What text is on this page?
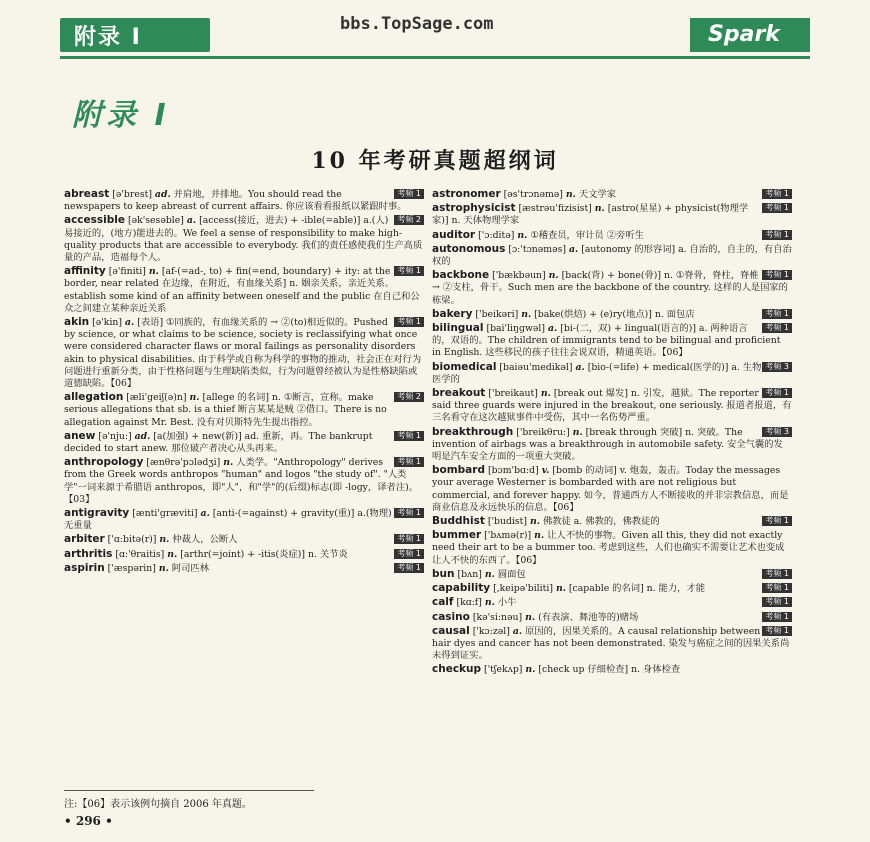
附录 I
bbs.TopSage.com	Spark
附录 I
10 年考研真题超纲词
考频 1
abreast [ə'brest] ad. 并肩地，并排地。You should read the newspapers to keep abreast of current affairs. 你应该看看报纸以紧跟时事。
考频 2
accessible [ək'sesəble] a. [access(接近，进去) + -ible(=able)] a.(人)易接近的，(地方)能进去的。We feel a sense of responsibility to make high-quality products that are accessible to everybody. 我们的责任感使我们生产高质量的产品，造福每个人。
考频 1
affinity [ə'finiti] n. [af-(=ad-, to) + fin(=end, boundary) + ity: at the border, near related 在边缘，在附近，有血缘关系] n. 姻亲关系，亲近关系。establish some kind of an affinity between oneself and the public 在自己和公众之间建立某种亲近关系
考频 1
akin [ə'kin] a. [表语] ①同族的，有血缘关系的 → ②(to)相近似的。Pushed by science, or what claims to be science, society is reclassifying what once were considered character flaws or moral failings as personality disorders akin to physical disabilities. 由于科学或自称为科学的事物的推动，社会正在对行为问题进行重新分类，由于性格问题与生理缺陷类似，行为问题曾经被认为是性格缺陷或道德缺陷。【06】
考频 2
allegation [æli'geiʃ(ə)n] n. [allege 的名词] n. ①断言，宣称。make serious allegations that sb. is a thief 断言某某是贼 ②借口。There is no allegation against Mr. Best. 没有对贝斯特先生提出指控。
考频 1
anew [ə'nju:] ad. [a(加强) + new(新)] ad. 重新，再。The bankrupt decided to start anew. 那位破产者决心从头再来。
考频 1
anthropology [ænθrə'pɔlədʒi] n. 人类学。"Anthropology" derives from the Greek words anthropos "human" and logos "the study of". "人类学"一词来源于希腊语 anthropos，即"人"，和"学"的(后缀)标志(即 -logy，译者注)。【03】
考频 1
antigravity [ænti'græviti] a. [anti-(=against) + gravity(重)] a.(物理)无重量
考频 1
arbiter ['ɑ:bitə(r)] n. 仲裁人，公断人
考频 1
arthritis [ɑ:'θraitis] n. [arthr(=joint) + -itis(炎症)] n. 关节炎
考频 1
aspirin ['æspərin] n. 阿司匹林
考频 1
astronomer [əs'trɔnəmə] n. 天文学家
考频 1
astrophysicist [æstrəu'fizisist] n. [astro(星星) + physicist(物理学家)] n. 天体物理学家
考频 1
auditor ['ɔ:ditə] n. ①稽查员，审计员 ②旁听生
autonomous [ɔ:'tɔnəməs] a. [autonomy 的形容词] a. 自治的，自主的，有自治权的
考频 1
backbone ['bækbəun] n. [back(背) + bone(骨)] n. ①脊骨，脊柱，脊椎 → ②支柱，骨干。Such men are the backbone of the country. 这样的人是国家的栋梁。
考频 1
bakery ['beikəri] n. [bake(烘焙) + (e)ry(地点)] n. 面包店
考频 1
bilingual [bai'liŋgwəl] a. [bi-(二，双) + lingual(语言的)] a. 两种语言的，双语的。The children of immigrants tend to be bilingual and proficient in English. 这些移民的孩子往往会说双语，精通英语。【06】
考频 3
biomedical [baiəu'medikəl] a. [bio-(=life) + medical(医学的)] a. 生物医学的
考频 1
breakout ['breikaut] n. [break out 爆发] n. 引发，越狱。The reporter said three guards were injured in the breakout, one seriously. 报道者报道，有三名看守在这次越狱事件中受伤，其中一名伤势严重。
考频 3
breakthrough ['breikθru:] n. [break through 突破] n. 突破。The invention of airbags was a breakthrough in automobile safety. 安全气囊的发明是汽车安全方面的一项重大突破。
bombard [bɔm'bɑ:d] v. [bomb 的动词] v. 炮轰，轰击。Today the messages your average Westerner is bombarded with are not religious but commercial, and forever happy. 如今，普通西方人不断接收的并非宗教信息，而是商业信息及永远快乐的信息。【06】
考频 1
Buddhist ['budist] n. 佛教徒 a. 佛教的，佛教徒的
bummer ['bʌmə(r)] n. 让人不快的事物。Given all this, they did not exactly need their art to be a bummer too. 考虑到这些，人们也确实不需要让艺术也变成让人不快的东西了。【06】
考频 1
bun [bʌn] n. 圆面包
考频 1
capability [,keipə'biliti] n. [capable 的名词] n. 能力，才能
考频 1
calf [kɑ:f] n. 小牛
考频 1
casino [kə'si:nəu] n. (有表演、舞池等的)赌场
考频 1
causal ['kɔ:zəl] a. 原因的，因果关系的。A causal relationship between hair dyes and cancer has not been demonstrated. 染发与癌症之间的因果关系尚未得到证实。
checkup ['tʃekʌp] n. [check up 仔细检查] n. 身体检查
注:【06】表示该例句摘自 2006 年真题。
• 296 •
